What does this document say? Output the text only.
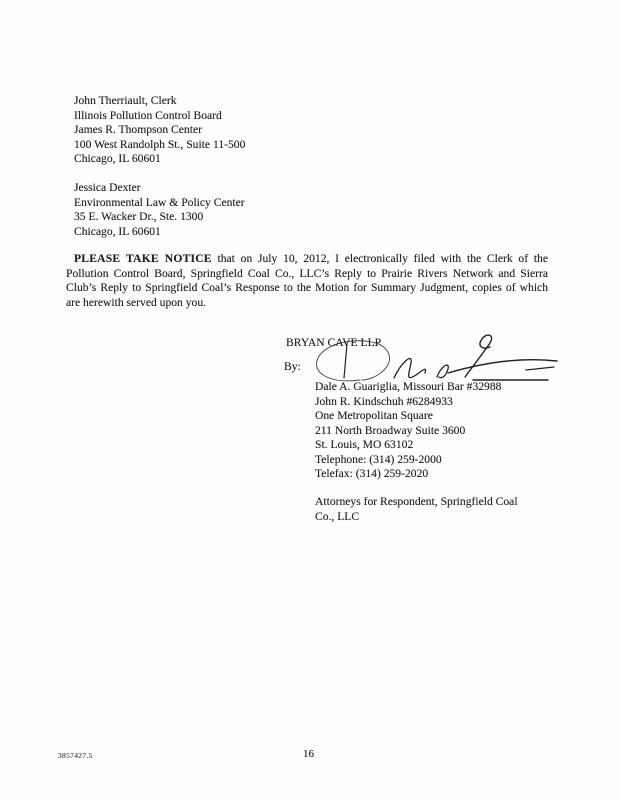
John Therriault, Clerk
Illinois Pollution Control Board
James R. Thompson Center
100 West Randolph St., Suite 11-500
Chicago, IL 60601
Jessica Dexter
Environmental Law & Policy Center
35 E. Wacker Dr., Ste. 1300
Chicago, IL 60601
PLEASE TAKE NOTICE that on July 10, 2012, I electronically filed with the Clerk of the Pollution Control Board, Springfield Coal Co., LLC’s Reply to Prairie Rivers Network and Sierra Club’s Reply to Springfield Coal’s Response to the Motion for Summary Judgment, copies of which are herewith served upon you.
BRYAN CAVE LLP
By:
Dale A. Guariglia, Missouri Bar #32988
John R. Kindschuh #6284933
One Metropolitan Square
211 North Broadway Suite 3600
St. Louis, MO 63102
Telephone: (314) 259-2000
Telefax: (314) 259-2020
Attorneys for Respondent, Springfield Coal
Co., LLC
3857427.5	16
